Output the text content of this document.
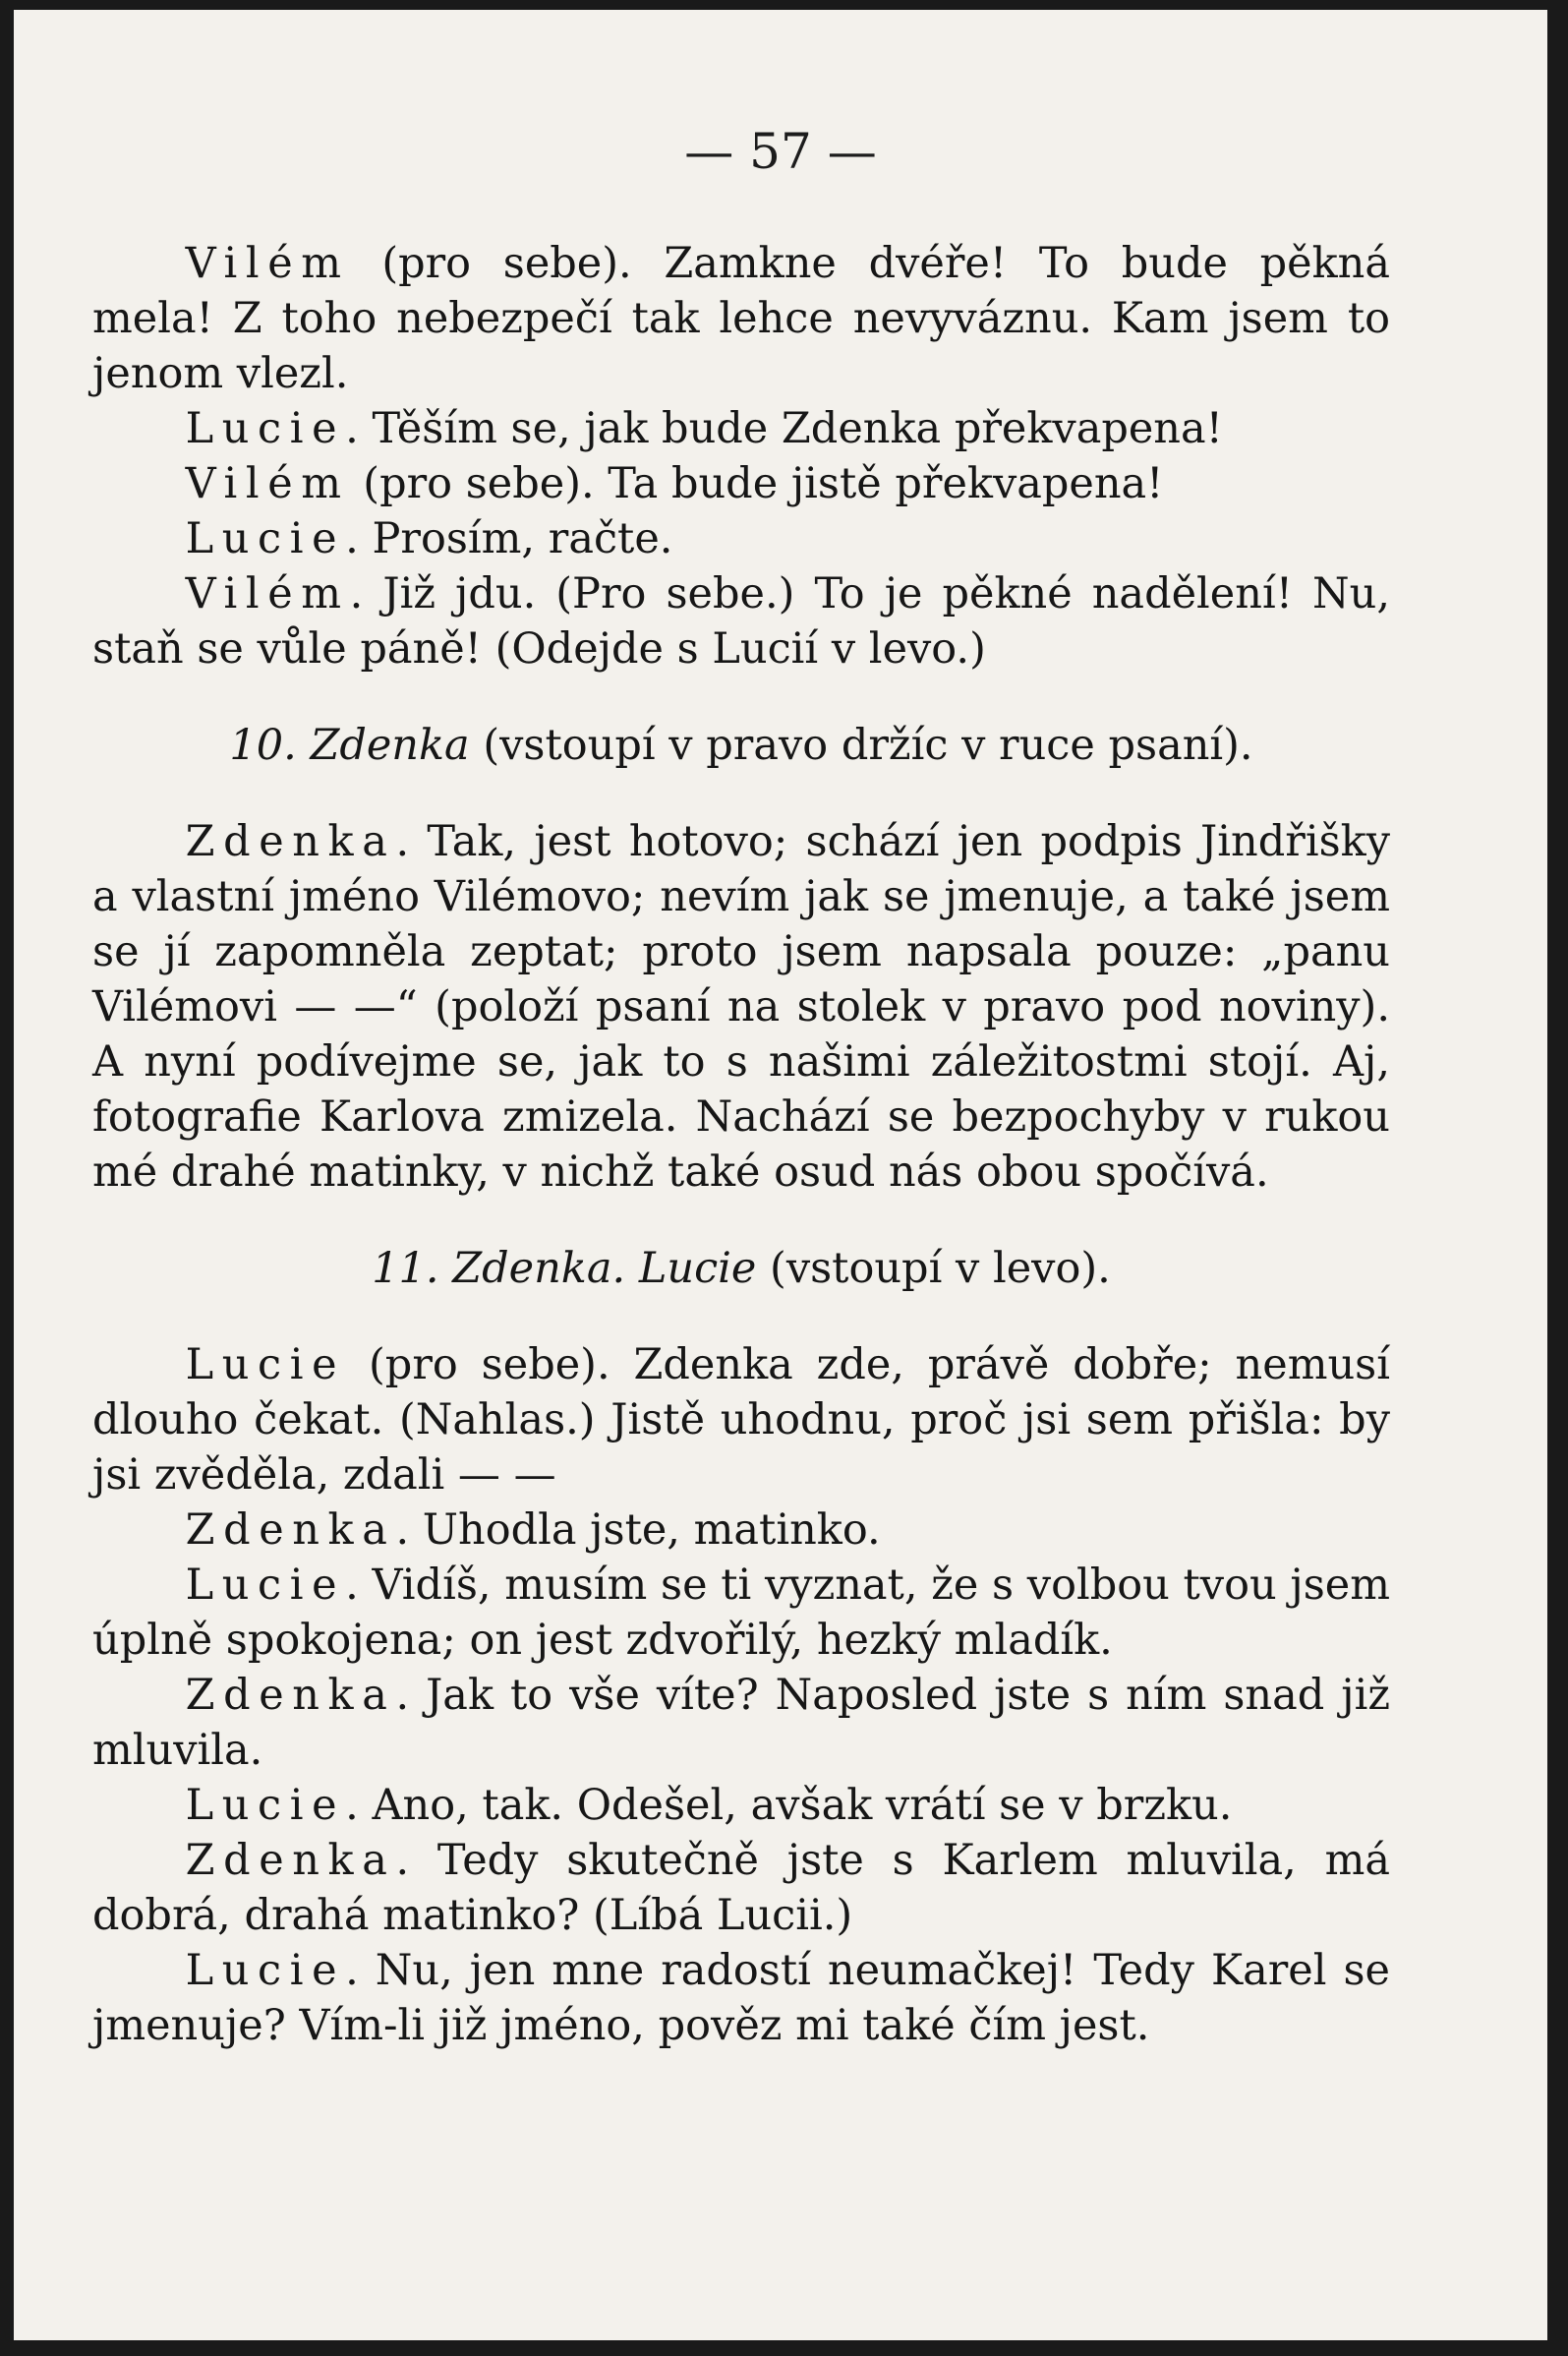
— 57 —

Vilém (pro sebe). Zamkne dvéře! To bude pěkná mela! Z toho nebezpečí tak lehce nevyváznu. Kam jsem to jenom vlezl.

Lucie. Těším se, jak bude Zdenka překvapena!

Vilém (pro sebe). Ta bude jistě překvapena!

Lucie. Prosím, račte.

Vilém. Již jdu. (Pro sebe.) To je pěkné nadělení! Nu, staň se vůle páně! (Odejde s Lucií v levo.)

10. Zdenka (vstoupí v pravo držíc v ruce psaní).

Zdenka. Tak, jest hotovo; schází jen podpis Jindřišky a vlastní jméno Vilémovo; nevím jak se jmenuje, a také jsem se jí zapomněla zeptat; proto jsem napsala pouze: „panu Vilémovi — —“ (položí psaní na stolek v pravo pod noviny). A nyní podívejme se, jak to s našimi záležitostmi stojí. Aj, fotografie Karlova zmizela. Nachází se bezpochyby v rukou mé drahé matinky, v nichž také osud nás obou spočívá.

11. Zdenka. Lucie (vstoupí v levo).

Lucie (pro sebe). Zdenka zde, právě dobře; nemusí dlouho čekat. (Nahlas.) Jistě uhodnu, proč jsi sem přišla: by jsi zvěděla, zdali — —

Zdenka. Uhodla jste, matinko.

Lucie. Vidíš, musím se ti vyznat, že s volbou tvou jsem úplně spokojena; on jest zdvořilý, hezký mladík.

Zdenka. Jak to vše víte? Naposled jste s ním snad již mluvila.

Lucie. Ano, tak. Odešel, avšak vrátí se v brzku.

Zdenka. Tedy skutečně jste s Karlem mluvila, má dobrá, drahá matinko? (Líbá Lucii.)

Lucie. Nu, jen mne radostí neumačkej! Tedy Karel se jmenuje? Vím-li již jméno, pověz mi také čím jest.
